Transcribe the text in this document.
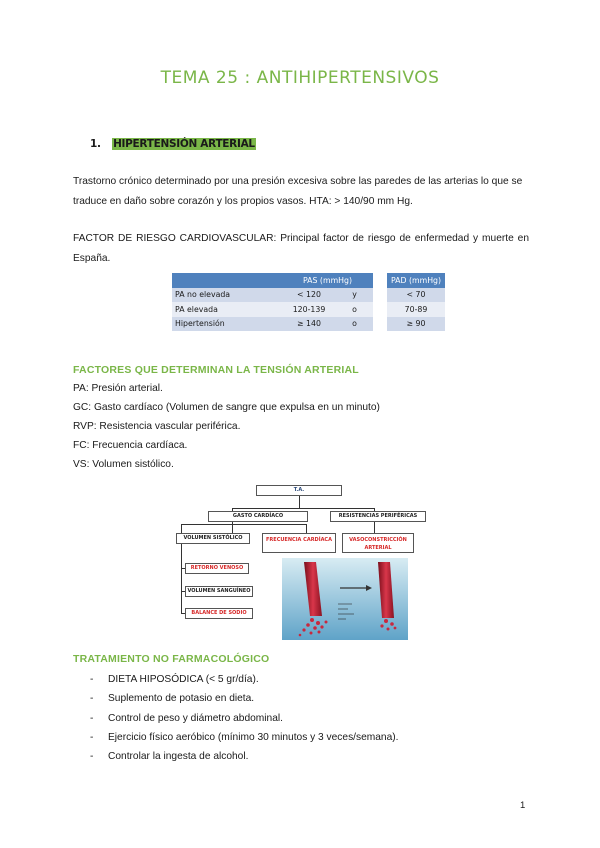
TEMA 25 : ANTIHIPERTENSIVOS
1. HIPERTENSIÓN ARTERIAL

Trastorno crónico determinado por una presión excesiva sobre las paredes de las arterias lo que se traduce en daño sobre corazón y los propios vasos. HTA: > 140/90 mm Hg.

FACTOR DE RIESGO CARDIOVASCULAR: Principal factor de riesgo de enfermedad y muerte en España.

	PAS (mmHg)			PAD (mmHg)
PA no elevada	< 120	y		< 70
PA elevada	120-139	o		70-89
Hipertensión	≥ 140	o		≥ 90
FACTORES QUE DETERMINAN LA TENSIÓN ARTERIAL
PA: Presión arterial.
GC: Gasto cardíaco (Volumen de sangre que expulsa en un minuto)
RVP: Resistencia vascular periférica.
FC: Frecuencia cardíaca.
VS: Volumen sistólico.
T.A.
GASTO CARDÍACO	RESISTENCIAS PERIFÉRICAS
VOLUMEN SISTÓLICO	FRECUENCIA CARDÍACA	VASOCONSTRICCIÓN ARTERIAL
RETORNO VENOSO
VOLUMEN SANGUÍNEO
BALANCE DE SODIO
TRATAMIENTO NO FARMACOLÓGICO
- DIETA HIPOSÓDICA (< 5 gr/día).
- Suplemento de potasio en dieta.
- Control de peso y diámetro abdominal.
- Ejercicio físico aeróbico (mínimo 30 minutos y 3 veces/semana).
- Controlar la ingesta de alcohol.
1
